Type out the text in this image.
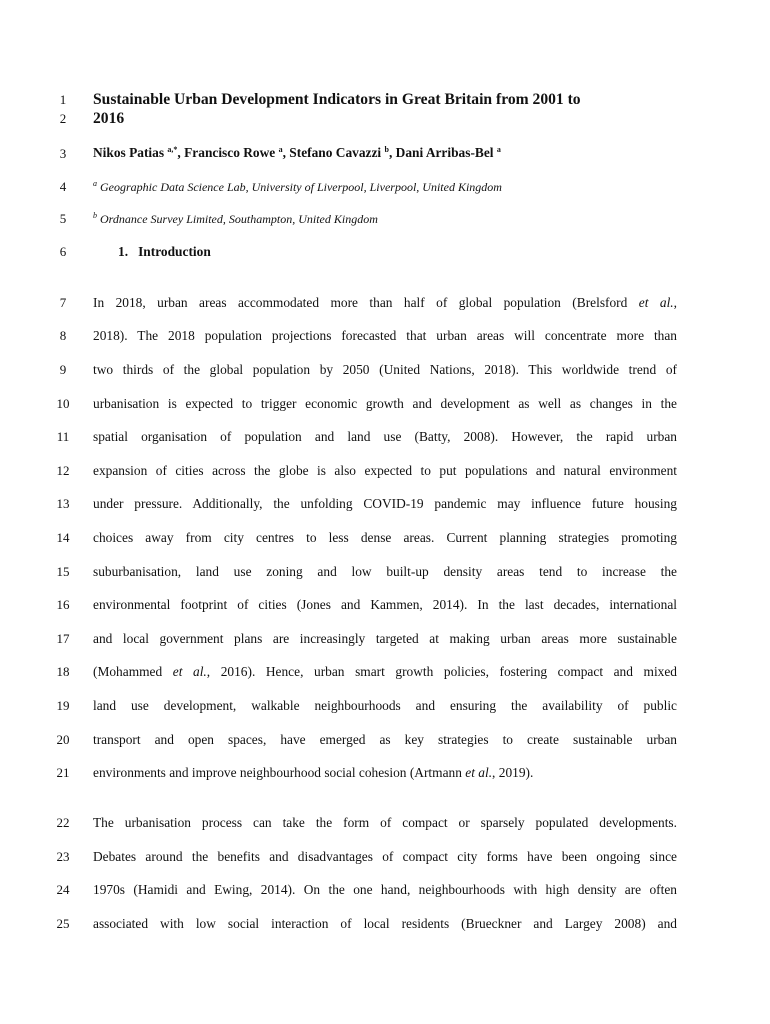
1
2
3
4
5
6
7
8
9
10
11
12
13
14
15
16
17
18
19
20
21
22
23
24
25
Sustainable Urban Development Indicators in Great Britain from 2001 to
2016
Nikos Patias $^{a,*}$, Francisco Rowe $^a$, Stefano Cavazzi $^b$, Dani Arribas-Bel $^a$
$^a$ Geographic Data Science Lab, University of Liverpool, Liverpool, United Kingdom
$^b$ Ordnance Survey Limited, Southampton, United Kingdom
1. Introduction
In 2018, urban areas accommodated more than half of global population (Brelsford et al.,
2018). The 2018 population projections forecasted that urban areas will concentrate more than
two thirds of the global population by 2050 (United Nations, 2018). This worldwide trend of
urbanisation is expected to trigger economic growth and development as well as changes in the
spatial organisation of population and land use (Batty, 2008). However, the rapid urban
expansion of cities across the globe is also expected to put populations and natural environment
under pressure. Additionally, the unfolding COVID-19 pandemic may influence future housing
choices away from city centres to less dense areas. Current planning strategies promoting
suburbanisation, land use zoning and low built-up density areas tend to increase the
environmental footprint of cities (Jones and Kammen, 2014). In the last decades, international
and local government plans are increasingly targeted at making urban areas more sustainable
(Mohammed et al., 2016). Hence, urban smart growth policies, fostering compact and mixed
land use development, walkable neighbourhoods and ensuring the availability of public
transport and open spaces, have emerged as key strategies to create sustainable urban
environments and improve neighbourhood social cohesion (Artmann et al., 2019).
The urbanisation process can take the form of compact or sparsely populated developments.
Debates around the benefits and disadvantages of compact city forms have been ongoing since
1970s (Hamidi and Ewing, 2014). On the one hand, neighbourhoods with high density are often
associated with low social interaction of local residents (Brueckner and Largey 2008) and
